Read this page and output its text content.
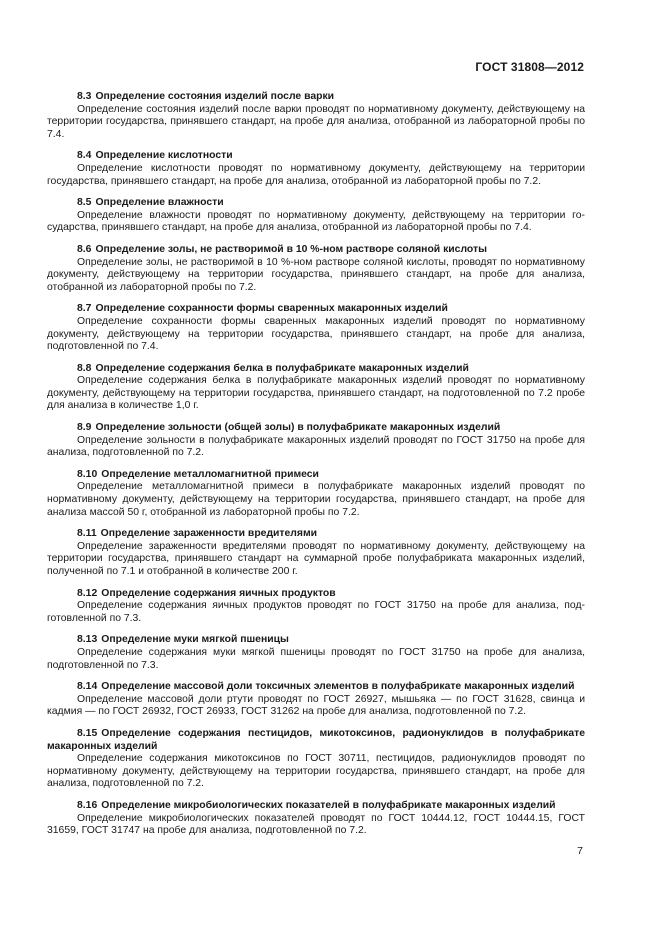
ГОСТ 31808—2012
8.3 Определение состояния изделий после варки
Определение состояния изделий после варки проводят по нормативному документу, действующему на территории государства, принявшего стандарт, на пробе для анализа, отобранной из лабораторной пробы по 7.4.
8.4 Определение кислотности
Определение кислотности проводят по нормативному документу, действующему на территории государства, принявшего стандарт, на пробе для анализа, отобранной из лабораторной пробы по 7.2.
8.5 Определение влажности
Определение влажности проводят по нормативному документу, действующему на территории государства, принявшего стандарт, на пробе для анализа, отобранной из лабораторной пробы по 7.4.
8.6 Определение золы, не растворимой в 10 %-ном растворе соляной кислоты
Определение золы, не растворимой в 10 %-ном растворе соляной кислоты, проводят по нормативному документу, действующему на территории государства, принявшего стандарт, на пробе для анализа, отобранной из лабораторной пробы по 7.2.
8.7 Определение сохранности формы сваренных макаронных изделий
Определение сохранности формы сваренных макаронных изделий проводят по нормативному документу, действующему на территории государства, принявшего стандарт, на пробе для анализа, подготовленной по 7.4.
8.8 Определение содержания белка в полуфабрикате макаронных изделий
Определение содержания белка в полуфабрикате макаронных изделий проводят по нормативному документу, действующему на территории государства, принявшего стандарт, на подготовленной по 7.2 пробе для анализа в количестве 1,0 г.
8.9 Определение зольности (общей золы) в полуфабрикате макаронных изделий
Определение зольности в полуфабрикате макаронных изделий проводят по ГОСТ 31750 на пробе для анализа, подготовленной по 7.2.
8.10 Определение металломагнитной примеси
Определение металломагнитной примеси в полуфабрикате макаронных изделий проводят по нормативному документу, действующему на территории государства, принявшего стандарт, на пробе для анализа массой 50 г, отобранной из лабораторной пробы по 7.2.
8.11 Определение зараженности вредителями
Определение зараженности вредителями проводят по нормативному документу, действующему на территории государства, принявшего стандарт на суммарной пробе полуфабриката макаронных изделий, полученной по 7.1 и отобранной в количестве 200 г.
8.12 Определение содержания яичных продуктов
Определение содержания яичных продуктов проводят по ГОСТ 31750 на пробе для анализа, подготовленной по 7.3.
8.13 Определение муки мягкой пшеницы
Определение содержания муки мягкой пшеницы проводят по ГОСТ 31750 на пробе для анализа, подготовленной по 7.3.
8.14 Определение массовой доли токсичных элементов в полуфабрикате макаронных изделий
Определение массовой доли ртути проводят по ГОСТ 26927, мышьяка — по ГОСТ 31628, свинца и кадмия — по ГОСТ 26932, ГОСТ 26933, ГОСТ 31262 на пробе для анализа, подготовленной по 7.2.
8.15 Определение содержания пестицидов, микотоксинов, радионуклидов в полуфабрикате макаронных изделий
Определение содержания микотоксинов по ГОСТ 30711, пестицидов, радионуклидов проводят по нормативному документу, действующему на территории государства, принявшего стандарт, на пробе для анализа, подготовленной по 7.2.
8.16 Определение микробиологических показателей в полуфабрикате макаронных изделий
Определение микробиологических показателей проводят по ГОСТ 10444.12, ГОСТ 10444.15, ГОСТ 31659, ГОСТ 31747 на пробе для анализа, подготовленной по 7.2.
7
